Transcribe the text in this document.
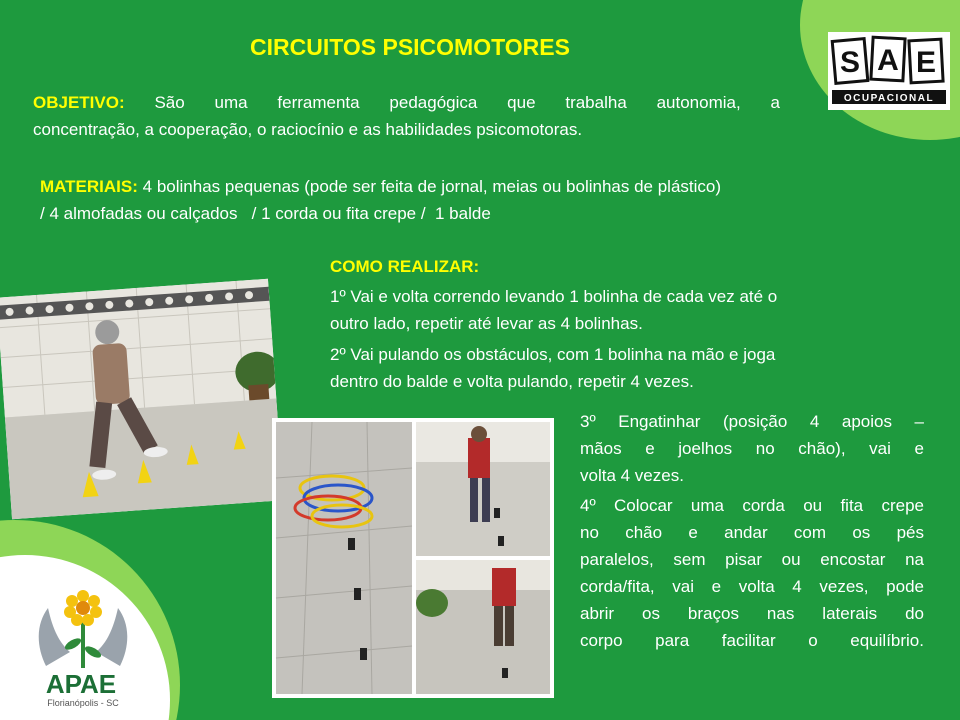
CIRCUITOS PSICOMOTORES	S A E
OCUPACIONAL
OBJETIVO: São uma ferramenta pedagógica que trabalha autonomia, a
concentração, a cooperação, o raciocínio e as habilidades psicomotoras.
MATERIAIS: 4 bolinhas pequenas (pode ser feita de jornal, meias ou bolinhas de plástico)
/ 4 almofadas ou calçados   / 1 corda ou fita crepe /  1 balde
COMO REALIZAR:
1º Vai e volta correndo levando 1 bolinha de cada vez até o
outro lado, repetir até levar as 4 bolinhas.
2º Vai pulando os obstáculos, com 1 bolinha na mão e joga
dentro do balde e volta pulando, repetir 4 vezes.
3º Engatinhar (posição 4 apoios –
mãos e joelhos no chão), vai e
volta 4 vezes.
4º Colocar uma corda ou fita crepe
no chão e andar com os pés
paralelos, sem pisar ou encostar na
corda/fita, vai e volta 4 vezes, pode
abrir os braços nas laterais do
corpo para facilitar o equilíbrio.
APAE
Florianópolis - SC
